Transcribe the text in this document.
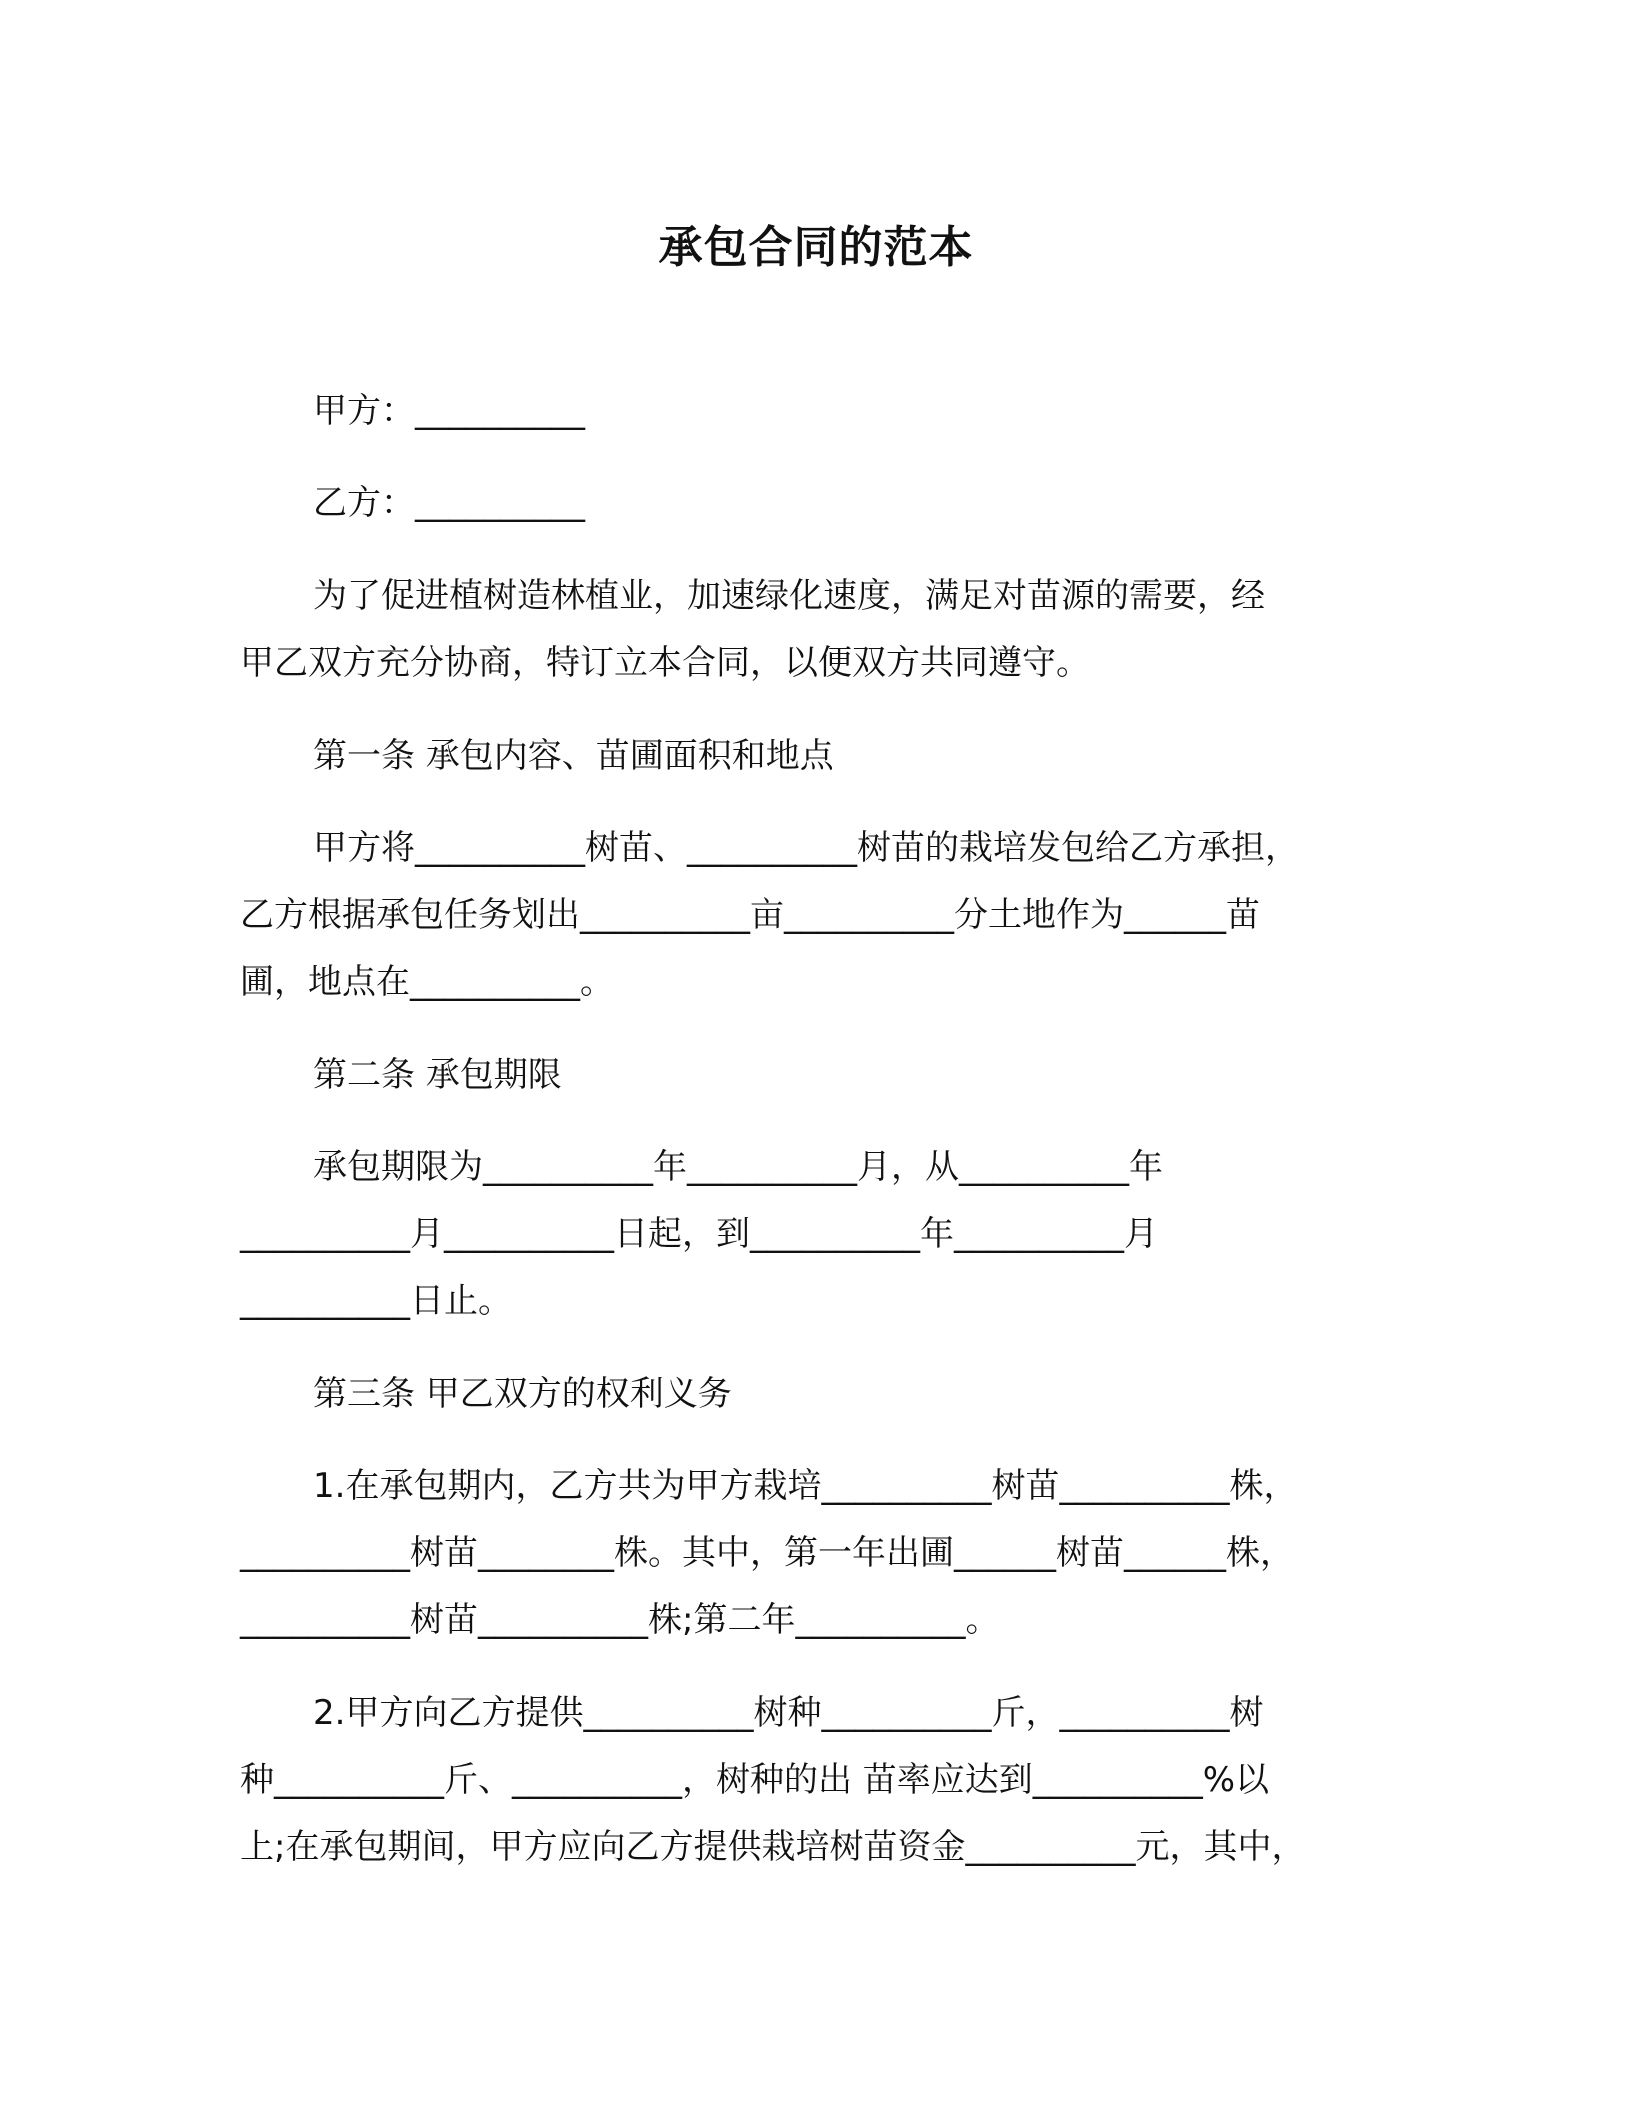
承包合同的范本
甲方：__________
乙方：__________
为了促进植树造林植业，加速绿化速度，满足对苗源的需要，经
甲乙双方充分协商，特订立本合同，以便双方共同遵守。
第一条 承包内容、苗圃面积和地点
甲方将__________树苗、__________树苗的栽培发包给乙方承担，
乙方根据承包任务划出__________亩__________分土地作为______苗
圃，地点在__________。
第二条 承包期限
承包期限为__________年__________月，从__________年
__________月__________日起，到__________年__________月
__________日止。
第三条 甲乙双方的权利义务
1.在承包期内，乙方共为甲方栽培__________树苗__________株，
__________树苗________株。其中，第一年出圃______树苗______株，
__________树苗__________株;第二年__________。
2.甲方向乙方提供__________树种__________斤，__________树
种__________斤、__________，树种的出 苗率应达到__________%以
上;在承包期间，甲方应向乙方提供栽培树苗资金__________元，其中，
